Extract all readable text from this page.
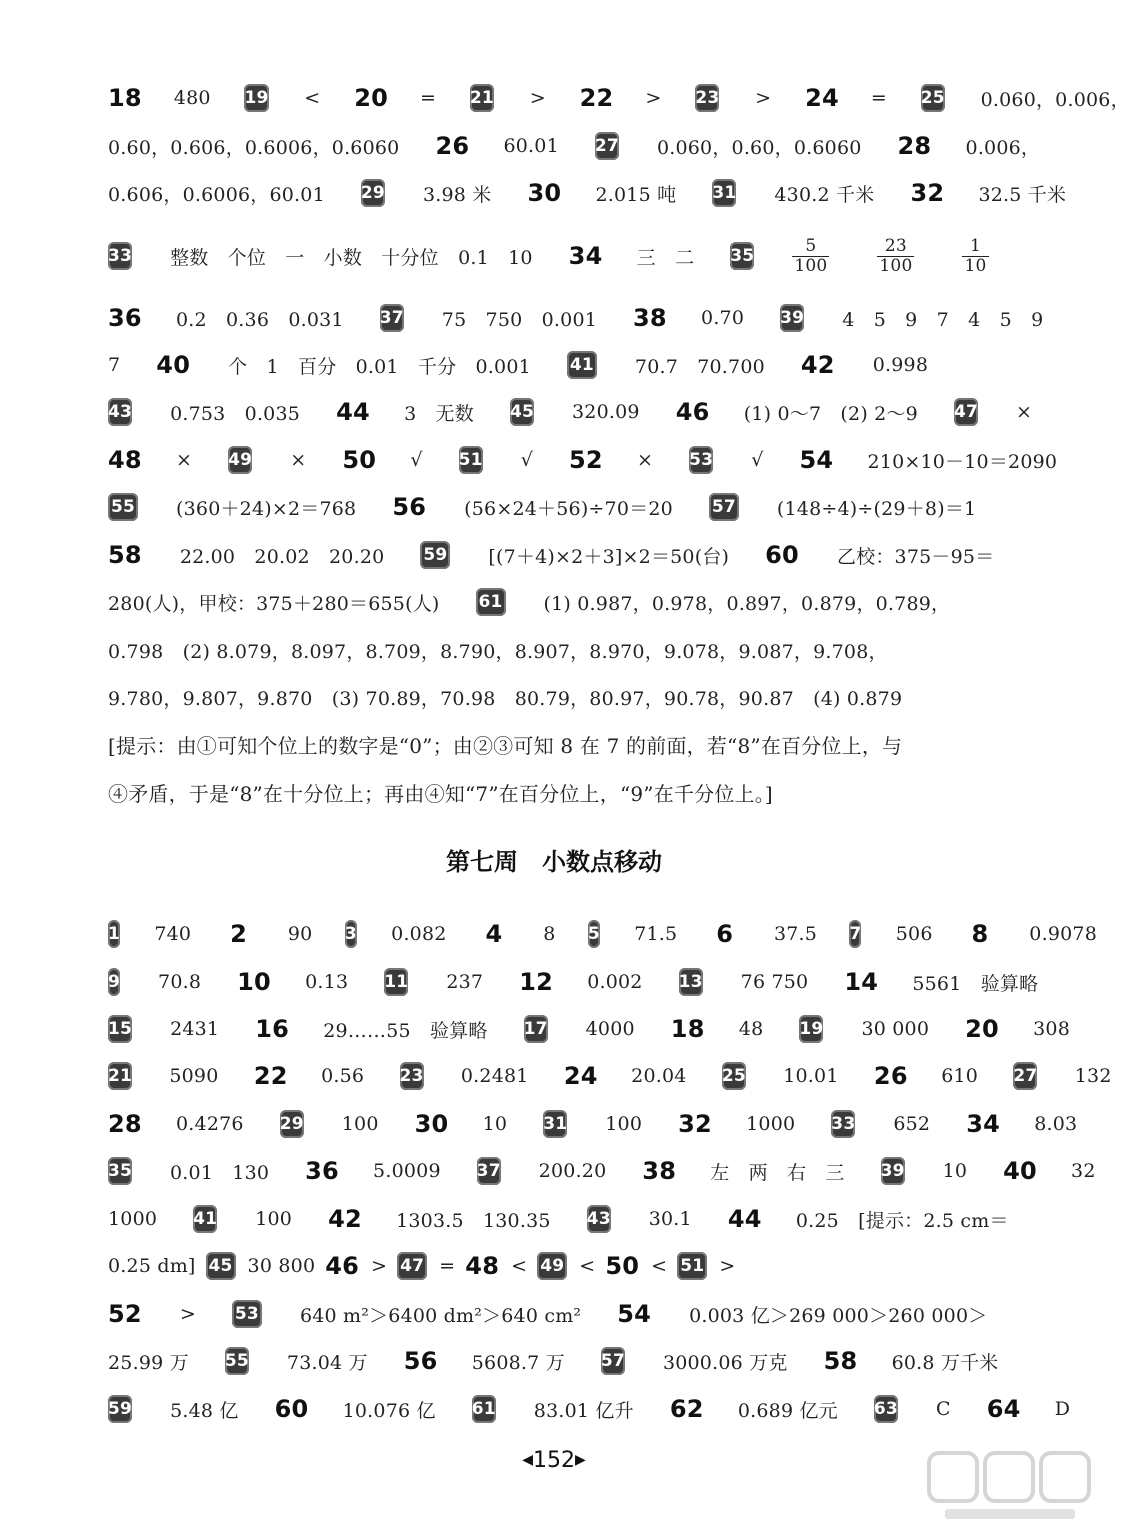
18 480 19 < 20 = 21 > 22 > 23 > 24 = 25 0.060，0.006，
0.60，0.606，0.6006，0.6060 26 60.01 27 0.060，0.60，0.6060 28 0.006，
0.606，0.6006，60.01 29 3.98 米 30 2.015 吨 31 430.2 千米 32 32.5 千米
33 整数　个位　一　小数　十分位　0.1　10 34 三　二 $35 \frac{5}{100}$	$\frac{23}{100}$	$\frac{1}{10}$
36 0.2　0.36　0.031 37 75　750　0.001 38 0.70 39 4　5　9　7　4　5　9
7 40 个　1　百分　0.01　千分　0.001 41 70.7　70.700 42 0.998
43 0.753　0.035 44 3　无数 45 320.09 46 (1) 0～7　(2) 2～9 47 ×
48 × 49 × 50 √ 51 √ 52 × 53 √ 54 210×10－10＝2090
55 (360＋24)×2＝768 56 (56×24＋56)÷70＝20 57 (148÷4)÷(29＋8)＝1
58 22.00　20.02　20.20 59 [(7＋4)×2＋3]×2＝50(台) 60 乙校：375－95＝
280(人)，甲校：375＋280＝655(人) 61 (1) 0.987，0.978，0.897，0.879，0.789，
0.798　(2) 8.079，8.097，8.709，8.790，8.907，8.970，9.078，9.087，9.708，
9.780，9.807，9.870　(3) 70.89，70.98　80.79，80.97，90.78，90.87　(4) 0.879
[提示：由①可知个位上的数字是“0”；由②③可知 8 在 7 的前面，若“8”在百分位上，与
④矛盾，于是“8”在十分位上；再由④知“7”在百分位上，“9”在千分位上。]
1 740 2	90 3 0.082 4	8 5 71.5 6	37.5 7 506 8	0.9078
9 70.8 10 0.13 11 237 12 0.002 13 76 750 14 5561　验算略
15 2431 16 29……55　验算略 17 4000 18 48 19 30 000 20 308
21 5090 22 0.56 23 0.2481 24 20.04 25 10.01 26 610 27 132
28 0.4276 29 100 30 10 31 100 32 1000 33 652 34 8.03
35 0.01　130 36 5.0009 37 200.20 38 左　两　右　三 39 10 40 32
1000 41 100 42 1303.5　130.35 43 30.1 44 0.25　[提示：2.5 cm＝
0.25 dm] 45 30 800 46 > 47 = 48 < 49 < 50 < 51 >
52 > 53 640 m²＞6400 dm²＞640 cm² 54 0.003 亿＞269 000＞260 000＞
25.99 万 55 73.04 万 56 5608.7 万 57 3000.06 万克 58 60.8 万千米
59 5.48 亿 60 10.076 亿 61 83.01 亿升 62 0.689 亿元 63 C 64 D
第七周　小数点移动
◀152▶
